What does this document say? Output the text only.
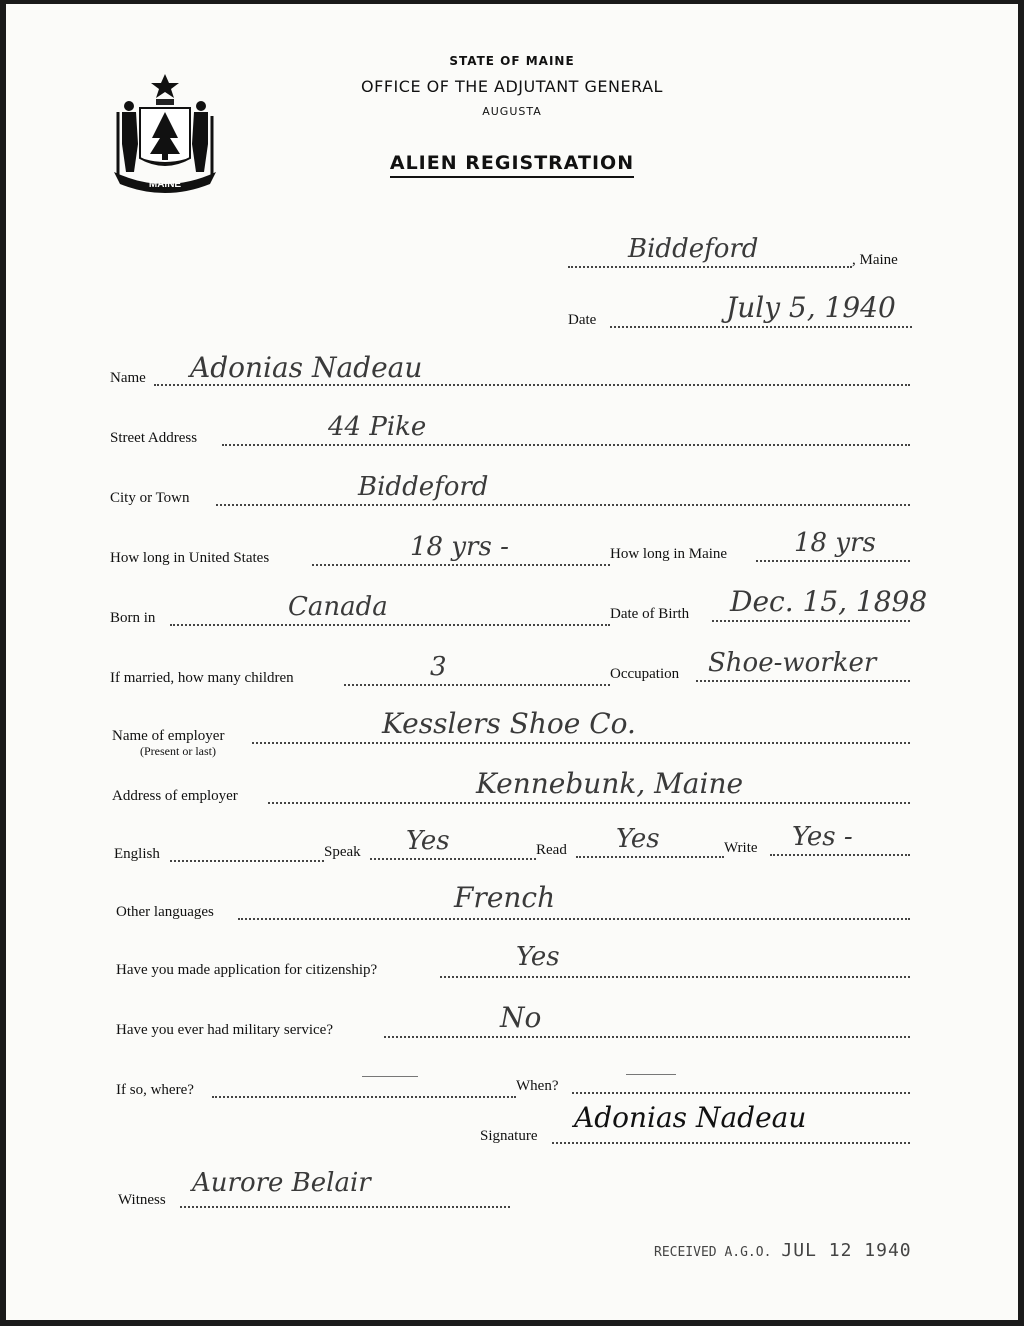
MAINE
STATE OF MAINE
OFFICE OF THE ADJUTANT GENERAL
AUGUSTA
ALIEN REGISTRATION
Biddeford	, Maine
Date	July 5, 1940
Name Adonias Nadeau
Street Address	44 Pike
City or Town	Biddeford
How long in United States	18 yrs -	How long in Maine	18 yrs
Born in	Canada	Date of Birth Dec. 15, 1898
If married, how many children	3	Occupation Shoe-worker
Name of employer
(Present or last)
Kesslers Shoe Co.
Address of employer	Kennebunk, Maine
English	Speak Yes	Read Yes	Write Yes -
Other languages	French
Have you made application for citizenship?	Yes
Have you ever had military service?	No
If so, where?	When?
Signature
Adonias Nadeau
Witness
Aurore Belair
RECEIVED A.G.O. JUL 12 1940
